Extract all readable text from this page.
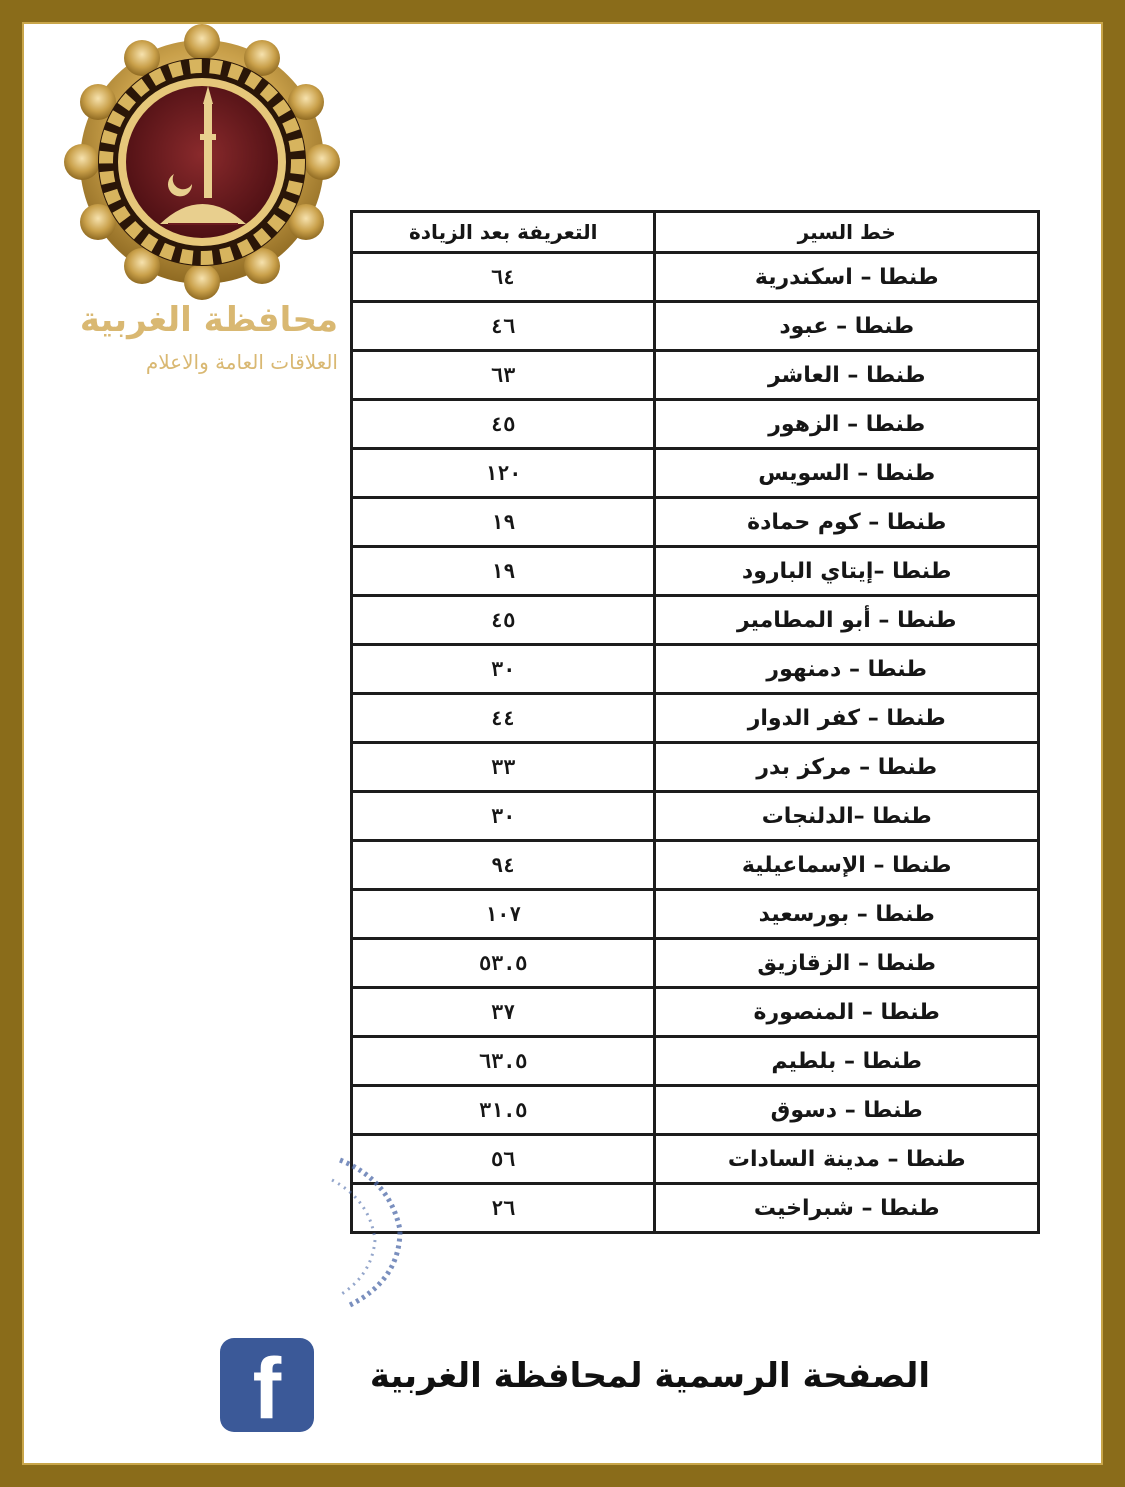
محافظة الغربية
العلاقات العامة والاعلام
خط السير	التعريفة بعد الزيادة
طنطا – اسكندرية	٦٤
طنطا – عبود	٤٦
طنطا – العاشر	٦٣
طنطا – الزهور	٤٥
طنطا – السويس	١٢٠
طنطا – كوم حمادة	١٩
طنطا –إيتاي البارود	١٩
طنطا – أبو المطامير	٤٥
طنطا – دمنهور	٣٠
طنطا – كفر الدوار	٤٤
طنطا – مركز بدر	٣٣
طنطا –الدلنجات	٣٠
طنطا – الإسماعيلية	٩٤
طنطا – بورسعيد	١٠٧
طنطا – الزقازيق	٥٣.٥
طنطا – المنصورة	٣٧
طنطا – بلطيم	٦٣.٥
طنطا – دسوق	٣١.٥
طنطا – مدينة السادات	٥٦
طنطا – شبراخيت	٢٦
f	الصفحة الرسمية لمحافظة الغربية
